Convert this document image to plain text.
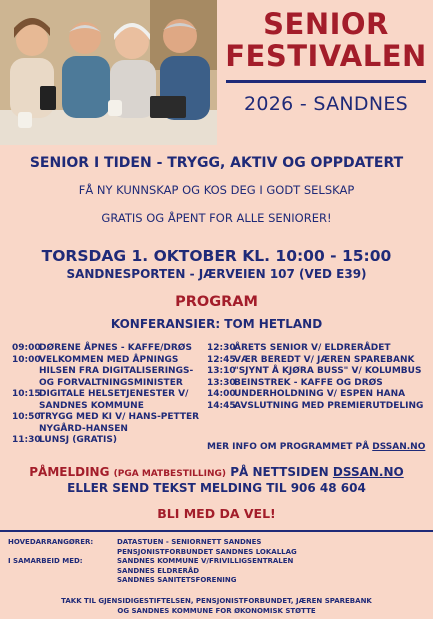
SENIOR
FESTIVALEN
2026 - SANDNES
SENIOR I TIDEN - TRYGG, AKTIV OG OPPDATERT
FÅ NY KUNNSKAP OG KOS DEG I GODT SELSKAP
GRATIS OG ÅPENT FOR ALLE SENIORER!
TORSDAG 1. OKTOBER KL. 10:00 - 15:00
SANDNESPORTEN - JÆRVEIEN 107 (VED E39)
PROGRAM
KONFERANSIER: TOM HETLAND
09:00
DØRENE ÅPNES - KAFFE/DRØS
10:00
VELKOMMEN MED ÅPNINGS HILSEN FRA DIGITALISERINGS- OG FORVALTNINGSMINISTER
10:15
DIGITALE HELSETJENESTER V/ SANDNES KOMMUNE
10:50
TRYGG MED KI V/ HANS-PETTER NYGÅRD-HANSEN
11:30
LUNSJ (GRATIS)
12:30
ÅRETS SENIOR V/ ELDRERÅDET
12:45
VÆR BEREDT V/ JÆREN SPAREBANK
13:10
"SJYNT Å KJØRA BUSS" V/ KOLUMBUS
13:30
BEINSTREK - KAFFE OG DRØS
14:00
UNDERHOLDNING V/ ESPEN HANA
14:45
AVSLUTNING MED PREMIERUTDELING
MER INFO OM PROGRAMMET PÅ DSSAN.NO
PÅMELDING (PGA MATBESTILLING) PÅ NETTSIDEN DSSAN.NO
ELLER SEND TEKST MELDING TIL 906 48 604
BLI MED DA VEL!
HOVEDARRANGØRER:

I SAMARBEID MED:
DATASTUEN - SENIORNETT SANDNES
PENSJONISTFORBUNDET SANDNES LOKALLAG
SANDNES KOMMUNE V/FRIVILLIGSENTRALEN
SANDNES ELDRERÅD
SANDNES SANITETSFORENING
TAKK TIL GJENSIDIGESTIFTELSEN, PENSJONISTFORBUNDET, JÆREN SPAREBANK
OG SANDNES KOMMUNE FOR ØKONOMISK STØTTE
